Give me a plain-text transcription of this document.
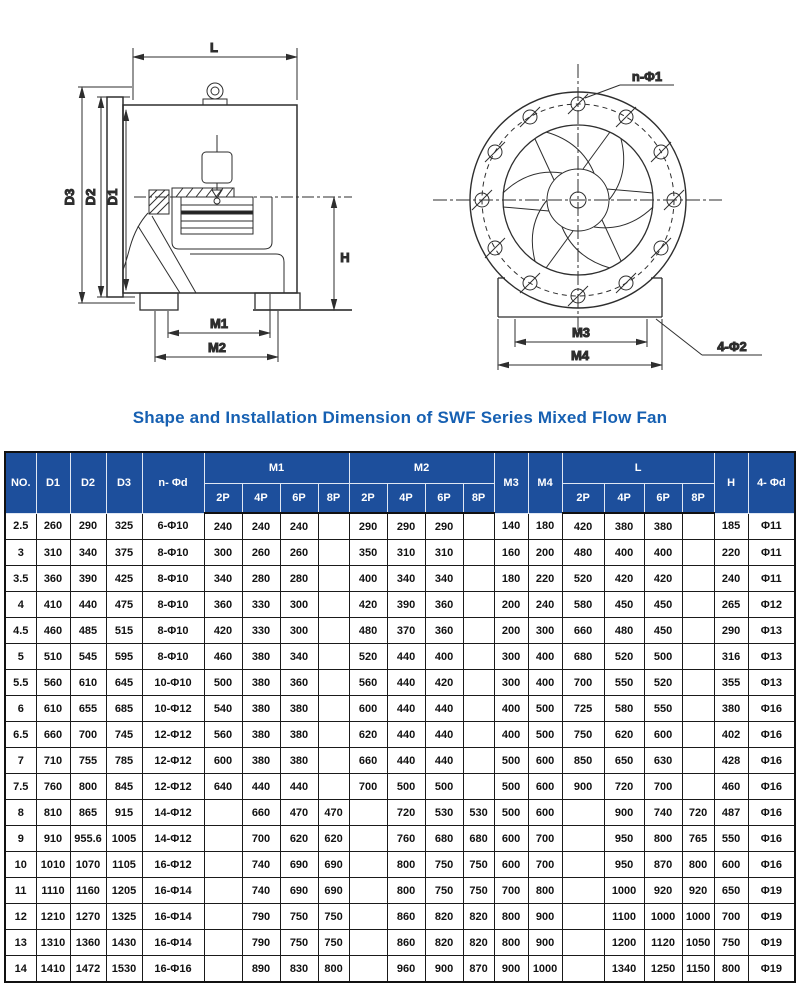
L
D3 D2 D1
H
M1
M2
n-Φ1
4-Φ2
M3
M4
Shape and Installation Dimension of SWF Series Mixed Flow Fan
NO.	D1	D2	D3	n- Φd	M1				M2				M3	M4	L				H	4- Φd
					2P	4P	6P	8P	2P	4P	6P	8P			2P	4P	6P	8P		
2.5	260	290	325	6-Φ10	240	240	240		290	290	290		140	180	420	380	380		185	Φ11
3	310	340	375	8-Φ10	300	260	260		350	310	310		160	200	480	400	400		220	Φ11
3.5	360	390	425	8-Φ10	340	280	280		400	340	340		180	220	520	420	420		240	Φ11
4	410	440	475	8-Φ10	360	330	300		420	390	360		200	240	580	450	450		265	Φ12
4.5	460	485	515	8-Φ10	420	330	300		480	370	360		200	300	660	480	450		290	Φ13
5	510	545	595	8-Φ10	460	380	340		520	440	400		300	400	680	520	500		316	Φ13
5.5	560	610	645	10-Φ10	500	380	360		560	440	420		300	400	700	550	520		355	Φ13
6	610	655	685	10-Φ12	540	380	380		600	440	440		400	500	725	580	550		380	Φ16
6.5	660	700	745	12-Φ12	560	380	380		620	440	440		400	500	750	620	600		402	Φ16
7	710	755	785	12-Φ12	600	380	380		660	440	440		500	600	850	650	630		428	Φ16
7.5	760	800	845	12-Φ12	640	440	440		700	500	500		500	600	900	720	700		460	Φ16
8	810	865	915	14-Φ12		660	470	470		720	530	530	500	600		900	740	720	487	Φ16
9	910	955.6	1005	14-Φ12		700	620	620		760	680	680	600	700		950	800	765	550	Φ16
10	1010	1070	1105	16-Φ12		740	690	690		800	750	750	600	700		950	870	800	600	Φ16
11	1110	1160	1205	16-Φ14		740	690	690		800	750	750	700	800		1000	920	920	650	Φ19
12	1210	1270	1325	16-Φ14		790	750	750		860	820	820	800	900		1100	1000	1000	700	Φ19
13	1310	1360	1430	16-Φ14		790	750	750		860	820	820	800	900		1200	1120	1050	750	Φ19
14	1410	1472	1530	16-Φ16		890	830	800		960	900	870	900	1000		1340	1250	1150	800	Φ19
